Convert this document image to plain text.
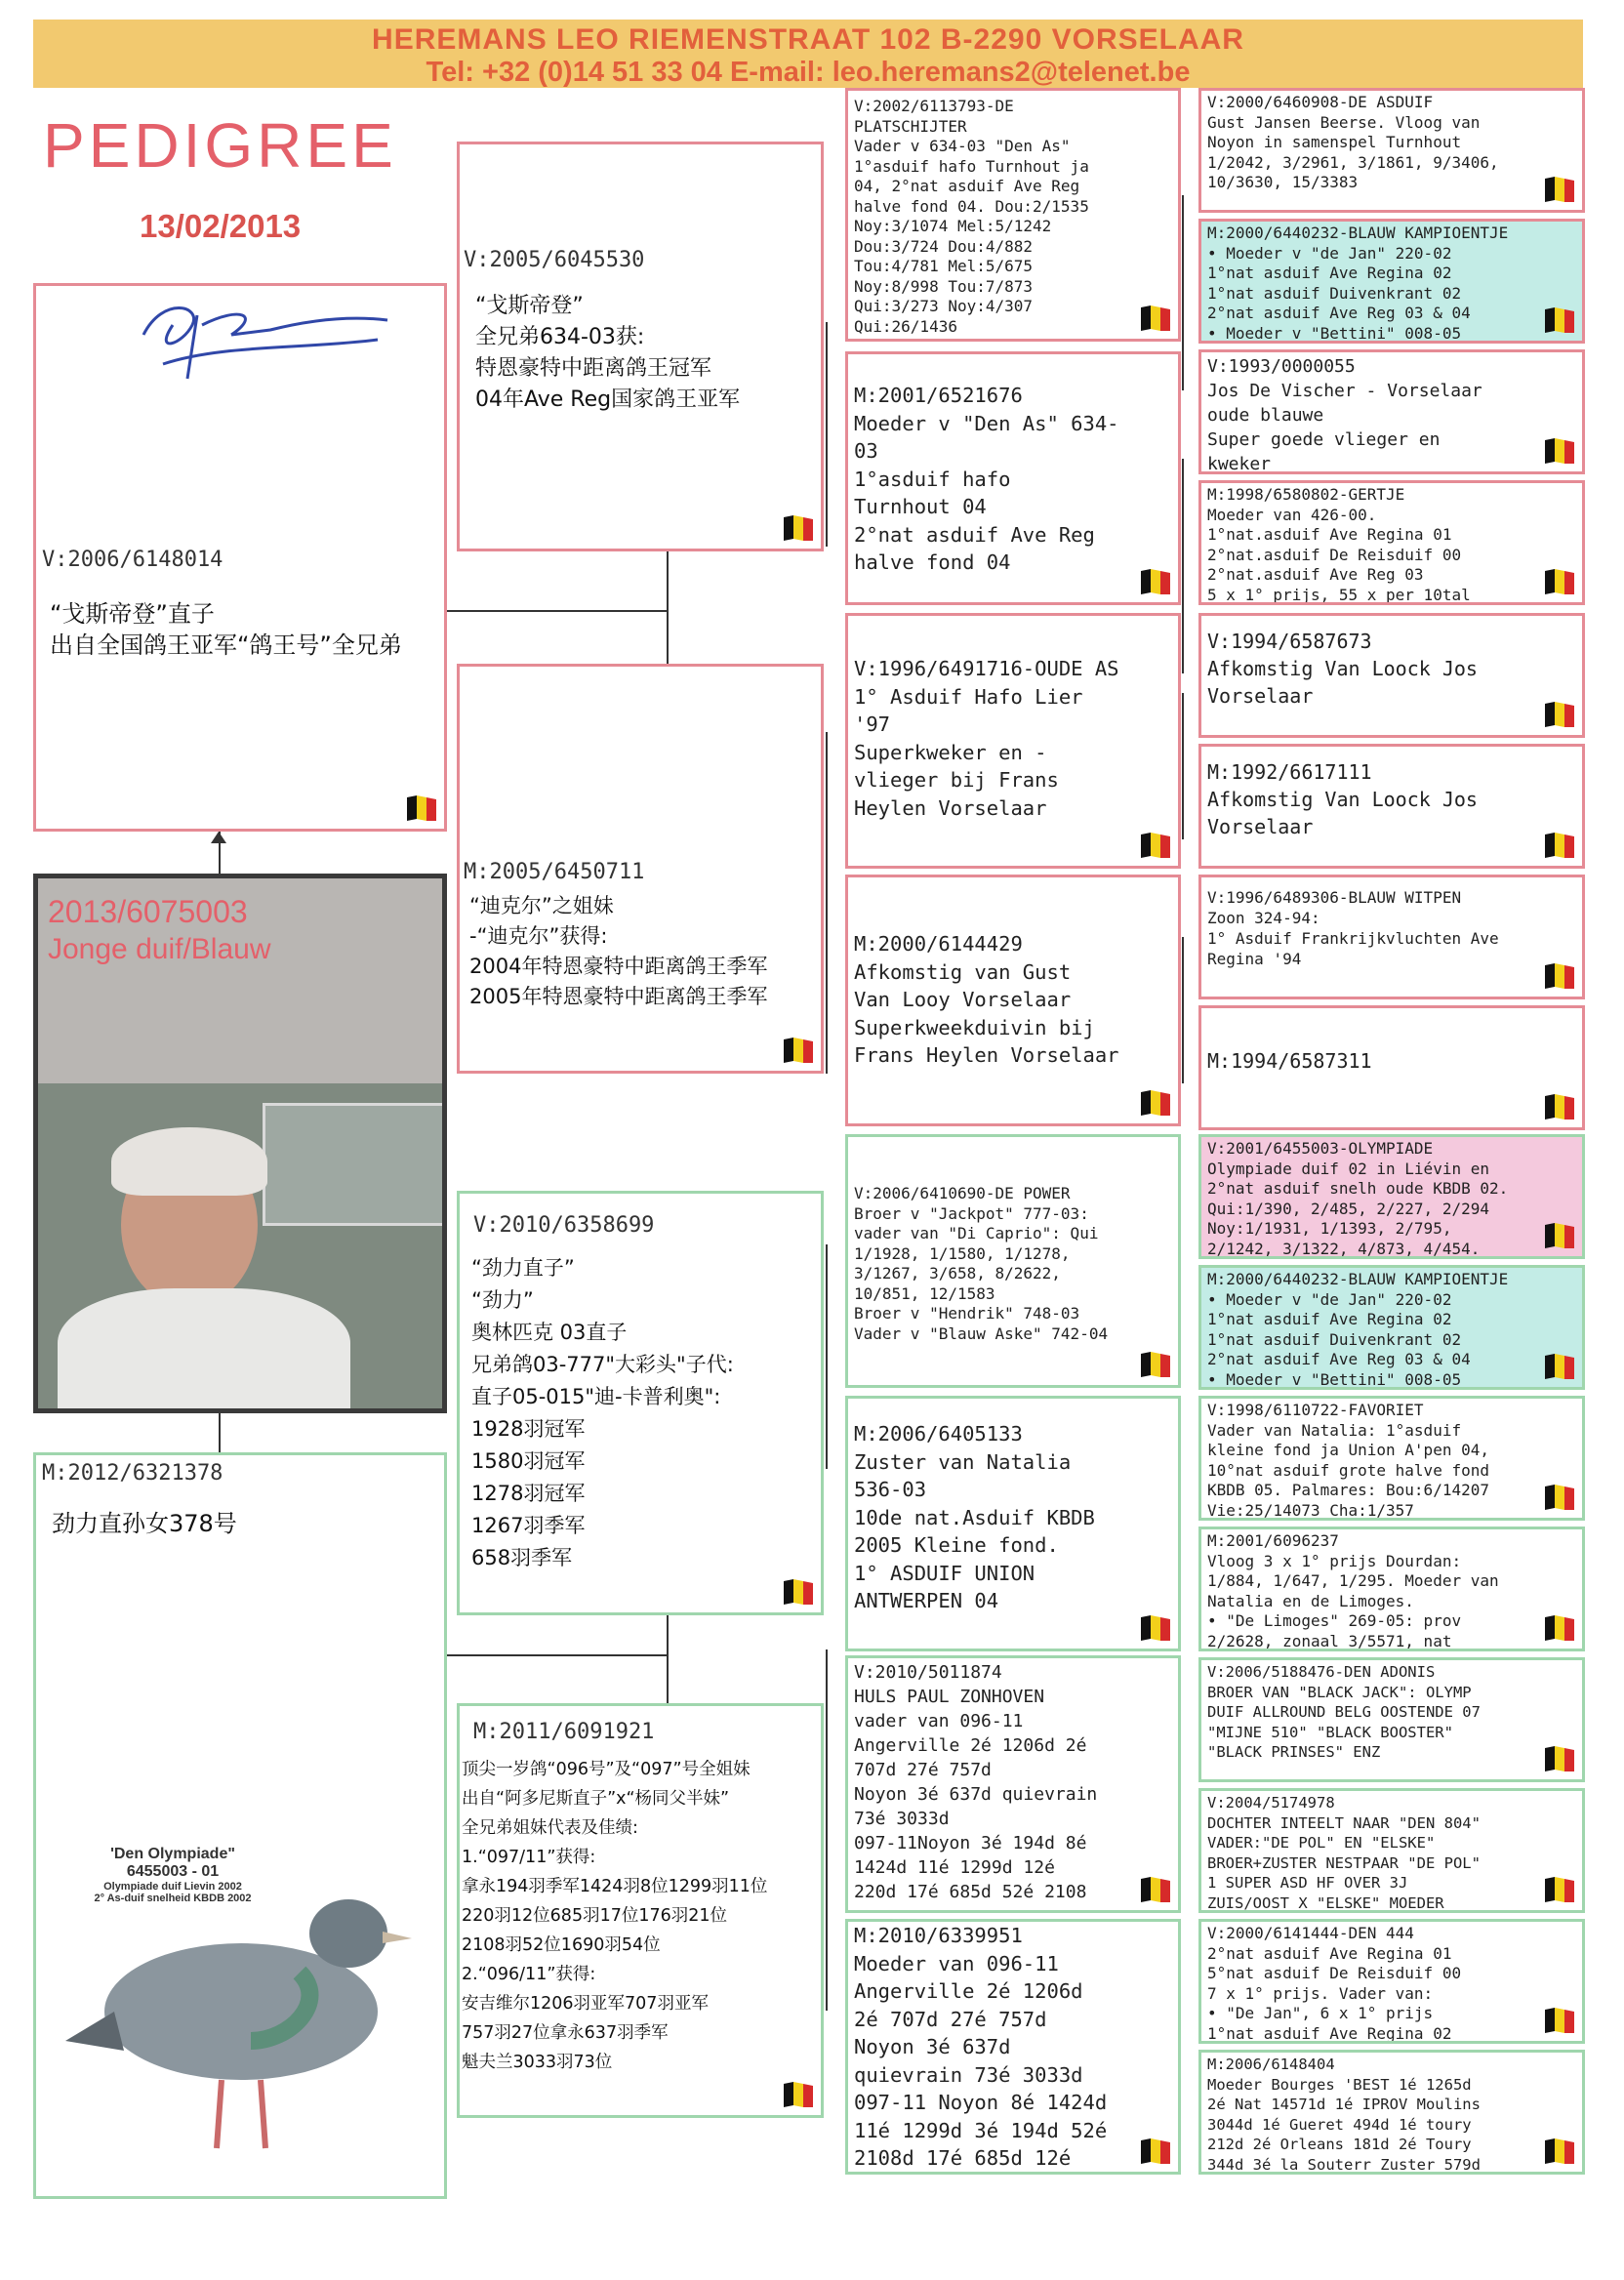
HEREMANS LEO RIEMENSTRAAT 102 B-2290 VORSELAAR
Tel: +32 (0)14 51 33 04 E-mail: leo.heremans2@telenet.be
PEDIGREE
13/02/2013
V:2006/6148014
“戈斯帝登”直子
出自全国鸽王亚军“鸽王号”全兄弟
2013/6075003
Jonge duif/Blauw
M:2012/6321378
劲力直孙女378号
'Den Olympiade"
6455003 - 01
Olympiade duif Lievin 2002
2° As-duif snelheid KBDB 2002
V:2005/6045530
“戈斯帝登”
全兄弟634-03获:
特恩豪特中距离鸽王冠军
04年Ave Reg国家鸽王亚军
M:2005/6450711
“迪克尔”之姐妹
-“迪克尔”获得:
2004年特恩豪特中距离鸽王季军
2005年特恩豪特中距离鸽王季军
V:2010/6358699
“劲力直子”
“劲力”
奥林匹克 03直子
兄弟鸽03-777"大彩头"子代:
直子05-015"迪-卡普利奥":
1928羽冠军
1580羽冠军
1278羽冠军
1267羽季军
658羽季军
M:2011/6091921
顶尖一岁鸽“096号”及“097”号全姐妹
出自“阿多尼斯直子”x“杨同父半妹”
全兄弟姐妹代表及佳绩:
1.“097/11”获得:
拿永194羽季军1424羽8位1299羽11位
220羽12位685羽17位176羽21位
2108羽52位1690羽54位
2.“096/11”获得:
安吉维尔1206羽亚军707羽亚军
757羽27位拿永637羽季军
魁夫兰3033羽73位
V:2002/6113793-DE
PLATSCHIJTER
Vader v 634-03 "Den As"
1°asduif hafo Turnhout ja
04, 2°nat asduif Ave Reg
halve fond 04. Dou:2/1535
Noy:3/1074 Mel:5/1242
Dou:3/724 Dou:4/882
Tou:4/781 Mel:5/675
Noy:8/998 Tou:7/873
Qui:3/273 Noy:4/307
Qui:26/1436
M:2001/6521676
Moeder v "Den As" 634-
03
1°asduif hafo
Turnhout 04
2°nat asduif Ave Reg
halve fond 04
V:1996/6491716-OUDE AS
1° Asduif Hafo Lier
'97
Superkweker en -
vlieger bij Frans
Heylen Vorselaar
M:2000/6144429
Afkomstig van Gust
Van Looy Vorselaar
Superkweekduivin bij
Frans Heylen Vorselaar
V:2006/6410690-DE POWER
Broer v "Jackpot" 777-03:
vader van "Di Caprio": Qui
1/1928, 1/1580, 1/1278,
3/1267, 3/658, 8/2622,
10/851, 12/1583
Broer v "Hendrik" 748-03
Vader v "Blauw Aske" 742-04
M:2006/6405133
Zuster van Natalia
536-03
10de nat.Asduif KBDB
2005 Kleine fond.
1° ASDUIF UNION
ANTWERPEN 04
V:2010/5011874
HULS PAUL ZONHOVEN
vader van 096-11
Angerville 2é 1206d 2é
707d 27é 757d
Noyon 3é 637d quievrain
73é 3033d
097-11Noyon 3é 194d 8é
1424d 11é 1299d 12é
220d 17é 685d 52é 2108
M:2010/6339951
Moeder van 096-11
Angerville 2é 1206d
2é 707d 27é 757d
Noyon 3é 637d
quievrain 73é 3033d
097-11 Noyon 8é 1424d
11é 1299d 3é 194d 52é
2108d 17é 685d 12é
V:2000/6460908-DE ASDUIF
Gust Jansen Beerse. Vloog van
Noyon in samenspel Turnhout
1/2042, 3/2961, 3/1861, 9/3406,
10/3630, 15/3383
M:2000/6440232-BLAUW KAMPIOENTJE
• Moeder v "de Jan" 220-02
1°nat asduif Ave Regina 02
1°nat asduif Duivenkrant 02
2°nat asduif Ave Reg 03 & 04
• Moeder v "Bettini" 008-05
V:1993/0000055
Jos De Vischer - Vorselaar
oude blauwe
Super goede vlieger en
kweker
M:1998/6580802-GERTJE
Moeder van 426-00.
1°nat.asduif Ave Regina 01
2°nat.asduif De Reisduif 00
2°nat.asduif Ave Reg 03
5 x 1° prijs, 55 x per 10tal
V:1994/6587673
Afkomstig Van Loock Jos
Vorselaar
M:1992/6617111
Afkomstig Van Loock Jos
Vorselaar
V:1996/6489306-BLAUW WITPEN
Zoon 324-94:
1° Asduif Frankrijkvluchten Ave
Regina '94
M:1994/6587311
V:2001/6455003-OLYMPIADE
Olympiade duif 02 in Liévin en
2°nat asduif snelh oude KBDB 02.
Qui:1/390, 2/485, 2/227, 2/294
Noy:1/1931, 1/1393, 2/795,
2/1242, 3/1322, 4/873, 4/454.
M:2000/6440232-BLAUW KAMPIOENTJE
• Moeder v "de Jan" 220-02
1°nat asduif Ave Regina 02
1°nat asduif Duivenkrant 02
2°nat asduif Ave Reg 03 & 04
• Moeder v "Bettini" 008-05
V:1998/6110722-FAVORIET
Vader van Natalia: 1°asduif
kleine fond ja Union A'pen 04,
10°nat asduif grote halve fond
KBDB 05. Palmares: Bou:6/14207
Vie:25/14073 Cha:1/357
M:2001/6096237
Vloog 3 x 1° prijs Dourdan:
1/884, 1/647, 1/295. Moeder van
Natalia en de Limoges.
• "De Limoges" 269-05: prov
2/2628, zonaal 3/5571, nat
V:2006/5188476-DEN ADONIS
BROER VAN "BLACK JACK": OLYMP
DUIF ALLROUND BELG OOSTENDE 07
"MIJNE 510" "BLACK BOOSTER"
"BLACK PRINSES" ENZ
V:2004/5174978
DOCHTER INTEELT NAAR "DEN 804"
VADER:"DE POL" EN "ELSKE"
BROER+ZUSTER NESTPAAR "DE POL"
1 SUPER ASD HF OVER 3J
ZUIS/OOST X "ELSKE" MOEDER
V:2000/6141444-DEN 444
2°nat asduif Ave Regina 01
5°nat asduif De Reisduif 00
7 x 1° prijs. Vader van:
• "De Jan", 6 x 1° prijs
1°nat asduif Ave Regina 02
M:2006/6148404
Moeder Bourges 'BEST 1é 1265d
2é Nat 14571d 1é IPROV Moulins
3044d 1é Gueret 494d 1é toury
212d 2é Orleans 181d 2é Toury
344d 3é la Souterr Zuster 579d
